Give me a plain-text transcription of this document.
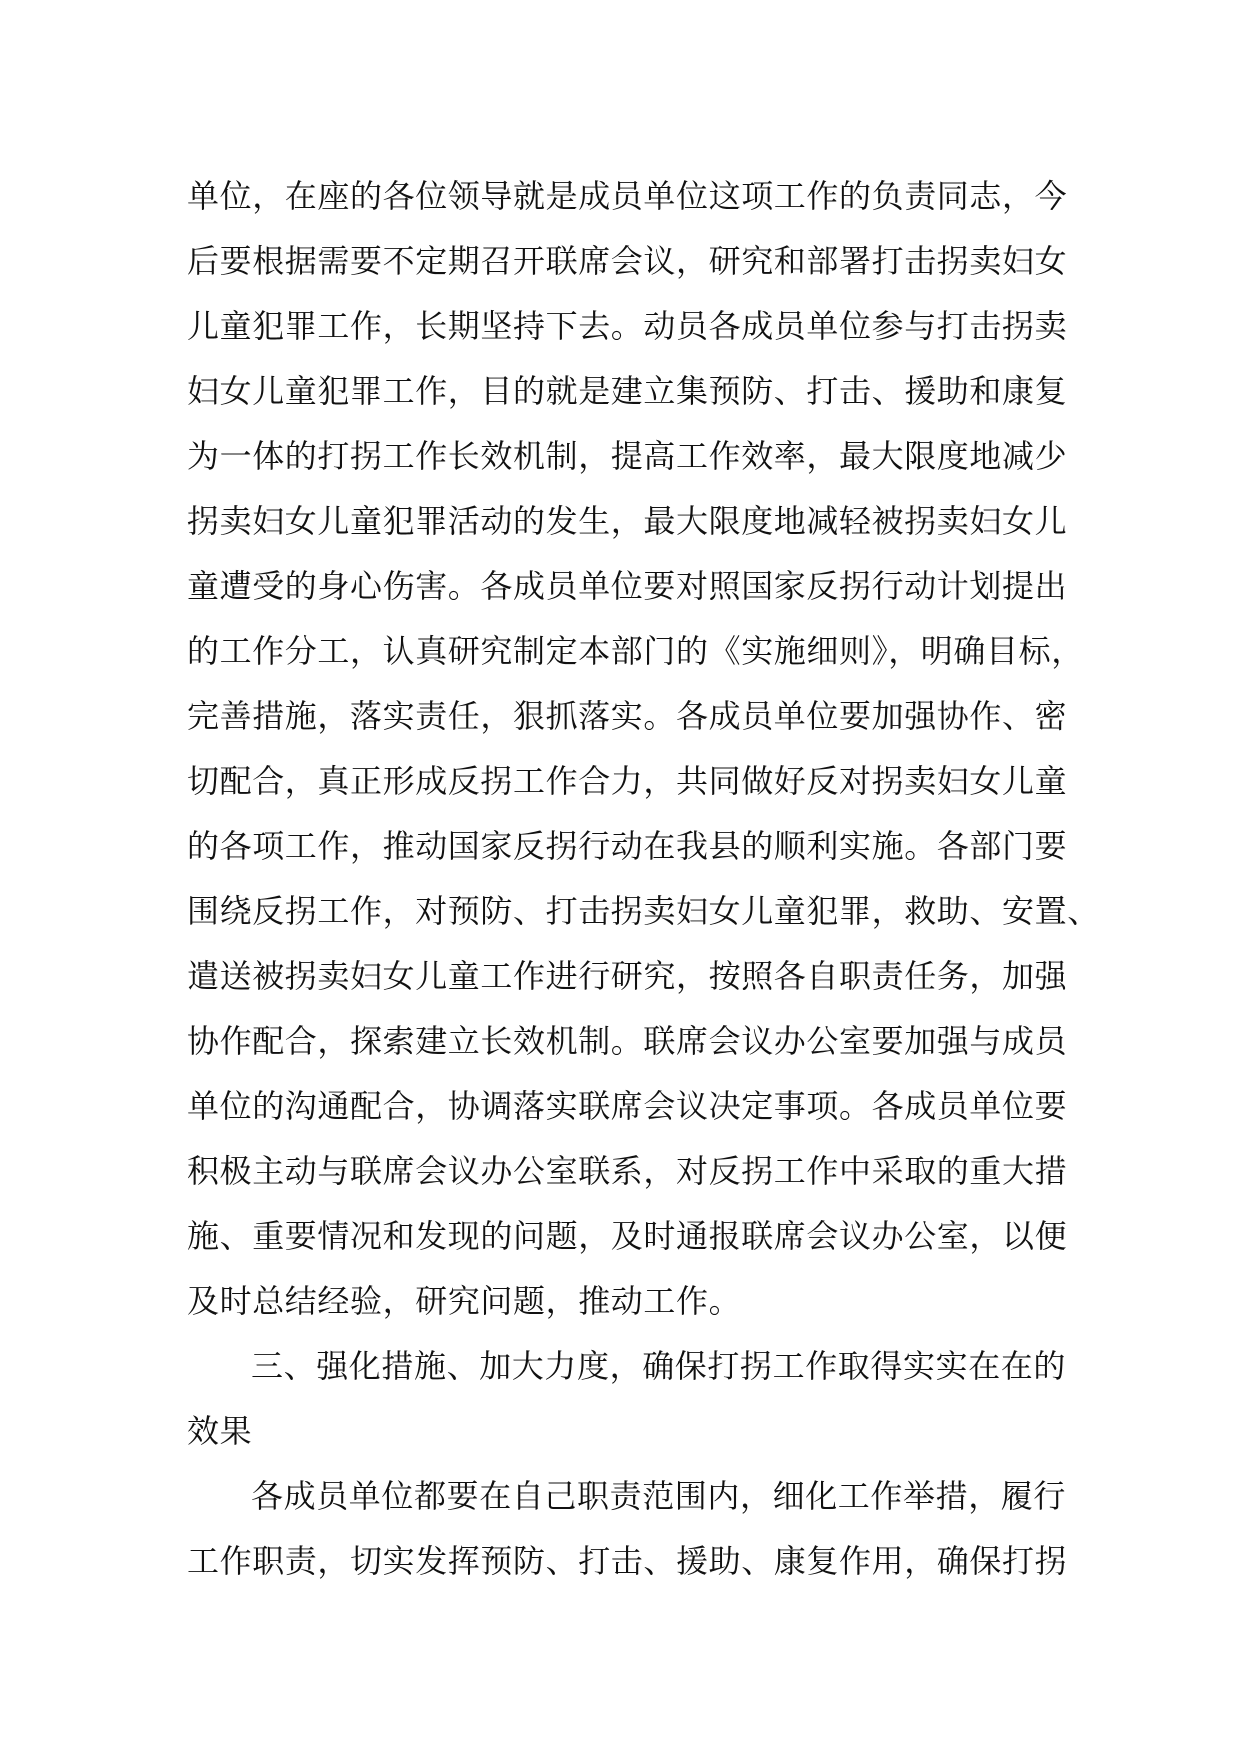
单位，在座的各位领导就是成员单位这项工作的负责同志，今
后要根据需要不定期召开联席会议，研究和部署打击拐卖妇女
儿童犯罪工作，长期坚持下去。动员各成员单位参与打击拐卖
妇女儿童犯罪工作，目的就是建立集预防、打击、援助和康复
为一体的打拐工作长效机制，提高工作效率，最大限度地减少
拐卖妇女儿童犯罪活动的发生，最大限度地减轻被拐卖妇女儿
童遭受的身心伤害。各成员单位要对照国家反拐行动计划提出
的工作分工，认真研究制定本部门的《实施细则》，明确目标，
完善措施，落实责任，狠抓落实。各成员单位要加强协作、密
切配合，真正形成反拐工作合力，共同做好反对拐卖妇女儿童
的各项工作，推动国家反拐行动在我县的顺利实施。各部门要
围绕反拐工作，对预防、打击拐卖妇女儿童犯罪，救助、安置、
遣送被拐卖妇女儿童工作进行研究，按照各自职责任务，加强
协作配合，探索建立长效机制。联席会议办公室要加强与成员
单位的沟通配合，协调落实联席会议决定事项。各成员单位要
积极主动与联席会议办公室联系，对反拐工作中采取的重大措
施、重要情况和发现的问题，及时通报联席会议办公室，以便
及时总结经验，研究问题，推动工作。
三、强化措施、加大力度，确保打拐工作取得实实在在的
效果
各成员单位都要在自己职责范围内，细化工作举措，履行
工作职责，切实发挥预防、打击、援助、康复作用，确保打拐
